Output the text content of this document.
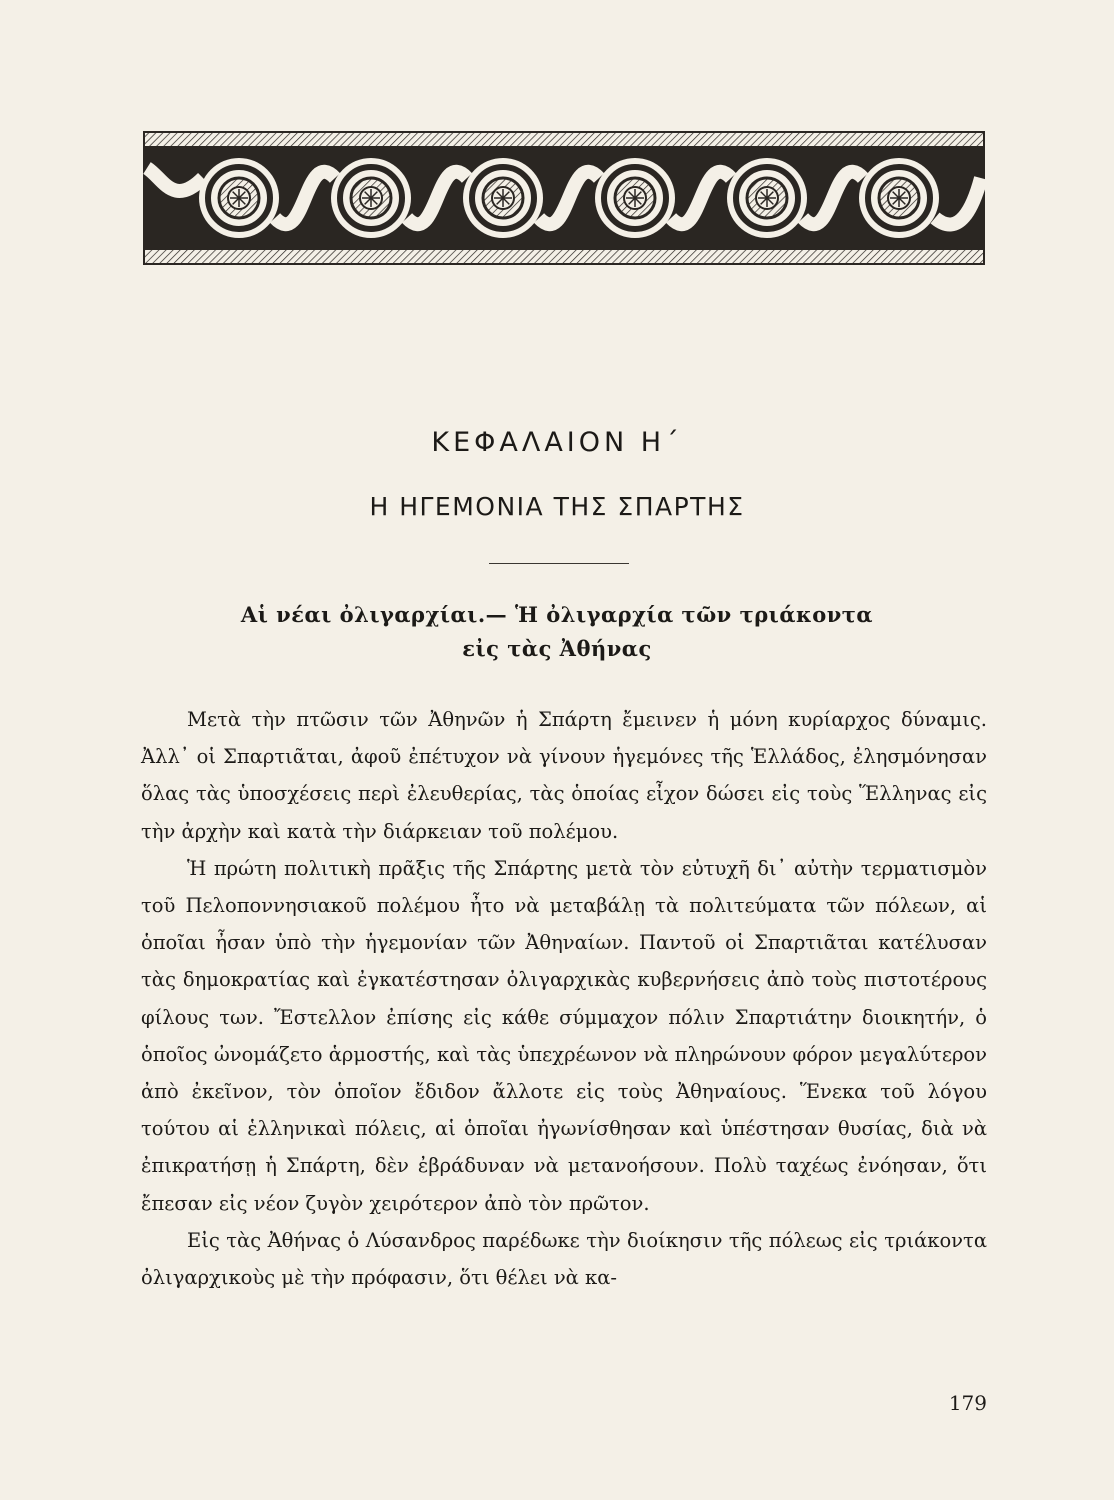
ΚΕΦΑΛΑΙΟΝ Η΄
Η ΗΓΕΜΟΝΙΑ ΤΗΣ ΣΠΑΡΤΗΣ
Αἱ νέαι ὀλιγαρχίαι.— Ἡ ὀλιγαρχία τῶν τριάκοντα
εἰς τὰς Ἀθήνας

Μετὰ τὴν πτῶσιν τῶν Ἀθηνῶν ἡ Σπάρτη ἔμεινεν ἡ μόνη κυρίαρχος δύναμις. Ἀλλ᾽ οἱ Σπαρτιᾶται, ἀφοῦ ἐπέτυχον νὰ γίνουν ἡγεμόνες τῆς Ἑλλάδος, ἐλησμόνησαν ὅλας τὰς ὑποσχέσεις περὶ ἐλευθερίας, τὰς ὁποίας εἶχον δώσει εἰς τοὺς Ἕλληνας εἰς τὴν ἀρχὴν καὶ κατὰ τὴν διάρκειαν τοῦ πολέμου.

Ἡ πρώτη πολιτικὴ πρᾶξις τῆς Σπάρτης μετὰ τὸν εὐτυχῆ δι᾽ αὐτὴν τερματισμὸν τοῦ Πελοποννησιακοῦ πολέμου ἦτο νὰ μεταβάλῃ τὰ πολιτεύματα τῶν πόλεων, αἱ ὁποῖαι ἦσαν ὑπὸ τὴν ἡγεμονίαν τῶν Ἀθηναίων. Παντοῦ οἱ Σπαρτιᾶται κατέλυσαν τὰς δημοκρατίας καὶ ἐγκατέστησαν ὀλιγαρχικὰς κυβερνήσεις ἀπὸ τοὺς πιστοτέρους φίλους των. Ἔστελλον ἐπίσης εἰς κάθε σύμμαχον πόλιν Σπαρτιάτην διοικητήν, ὁ ὁποῖος ὠνομάζετο ἁρμοστής, καὶ τὰς ὑπεχρέωνον νὰ πληρώνουν φόρον μεγαλύτερον ἀπὸ ἐκεῖνον, τὸν ὁποῖον ἔδιδον ἄλλοτε εἰς τοὺς Ἀθηναίους. Ἕνεκα τοῦ λόγου τούτου αἱ ἑλληνικαὶ πόλεις, αἱ ὁποῖαι ἠγωνίσθησαν καὶ ὑπέστησαν θυσίας, διὰ νὰ ἐπικρατήσῃ ἡ Σπάρτη, δὲν ἐβράδυναν νὰ μετανοήσουν. Πολὺ ταχέως ἐνόησαν, ὅτι ἔπεσαν εἰς νέον ζυγὸν χειρότερον ἀπὸ τὸν πρῶτον.

Εἰς τὰς Ἀθήνας ὁ Λύσανδρος παρέδωκε τὴν διοίκησιν τῆς πόλεως εἰς τριάκοντα ὀλιγαρχικοὺς μὲ τὴν πρόφασιν, ὅτι θέλει νὰ κα-

179
